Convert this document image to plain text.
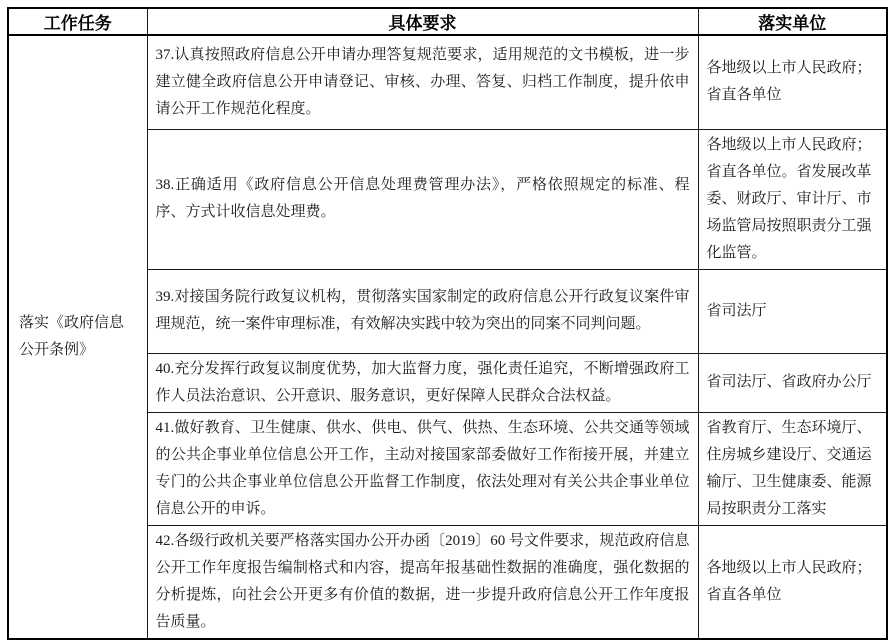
工作任务	具体要求	落实单位
落实《政府信息公开条例》	37.认真按照政府信息公开申请办理答复规范要求，适用规范的文书模板，进一步建立健全政府信息公开申请登记、审核、办理、答复、归档工作制度，提升依申请公开工作规范化程度。	各地级以上市人民政府；省直各单位
	38.正确适用《政府信息公开信息处理费管理办法》，严格依照规定的标准、程序、方式计收信息处理费。	各地级以上市人民政府；省直各单位。省发展改革委、财政厅、审计厅、市场监管局按照职责分工强化监管。
	39.对接国务院行政复议机构，贯彻落实国家制定的政府信息公开行政复议案件审理规范，统一案件审理标准，有效解决实践中较为突出的同案不同判问题。	省司法厅
	40.充分发挥行政复议制度优势，加大监督力度，强化责任追究，不断增强政府工作人员法治意识、公开意识、服务意识，更好保障人民群众合法权益。	省司法厅、省政府办公厅
	41.做好教育、卫生健康、供水、供电、供气、供热、生态环境、公共交通等领域的公共企事业单位信息公开工作，主动对接国家部委做好工作衔接开展，并建立专门的公共企事业单位信息公开监督工作制度，依法处理对有关公共企事业单位信息公开的申诉。	省教育厅、生态环境厅、住房城乡建设厅、交通运输厅、卫生健康委、能源局按职责分工落实
	42.各级行政机关要严格落实国办公开办函〔2019〕60 号文件要求，规范政府信息公开工作年度报告编制格式和内容，提高年报基础性数据的准确度，强化数据的分析提炼，向社会公开更多有价值的数据，进一步提升政府信息公开工作年度报告质量。	各地级以上市人民政府；省直各单位
